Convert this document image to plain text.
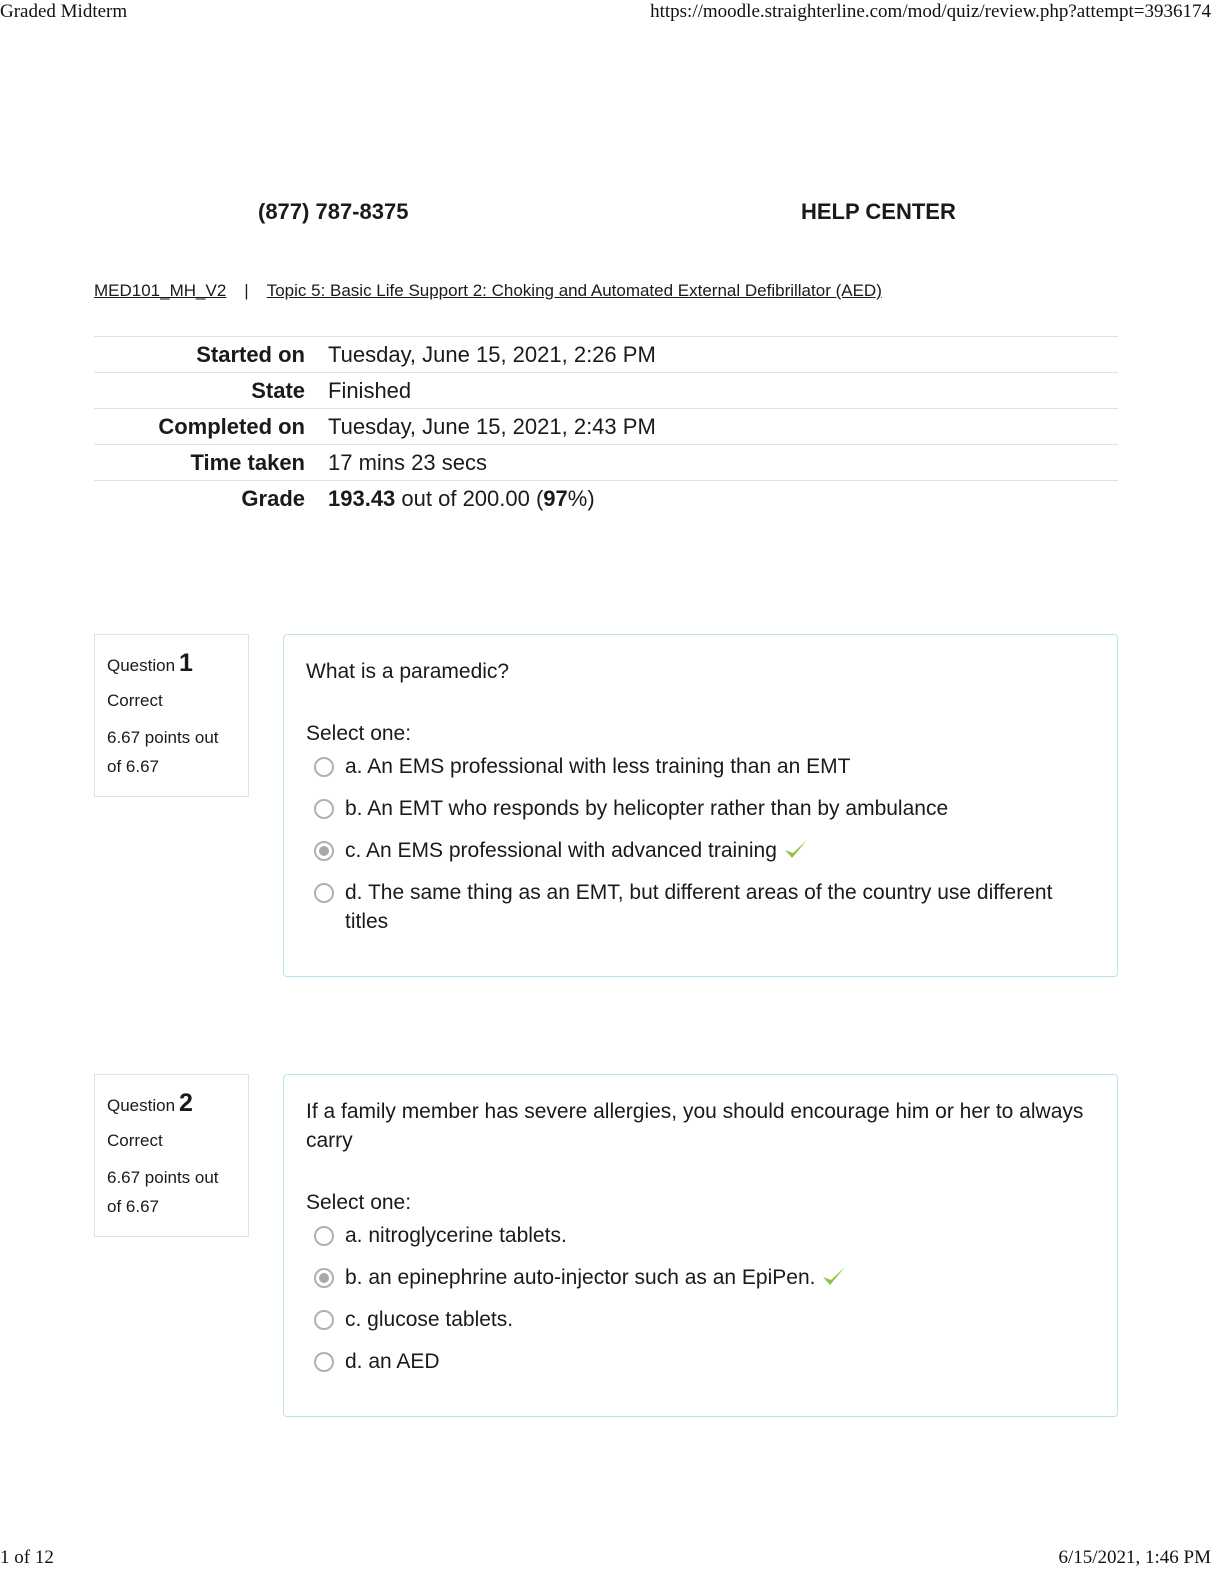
Graded Midterm	https://moodle.straighterline.com/mod/quiz/review.php?attempt=3936174
(877) 787-8375	HELP CENTER
MED101_MH_V2 | Topic 5: Basic Life Support 2: Choking and Automated External Defibrillator (AED)
Started on	Tuesday, June 15, 2021, 2:26 PM
State	Finished
Completed on	Tuesday, June 15, 2021, 2:43 PM
Time taken	17 mins 23 secs
Grade	193.43 out of 200.00 (97%)
Question 1
Correct
6.67 points out of 6.67
What is a paramedic?
Select one:
a. An EMS professional with less training than an EMT
b. An EMT who responds by helicopter rather than by ambulance
c. An EMS professional with advanced training
d. The same thing as an EMT, but different areas of the country use different titles
Question 2
Correct
6.67 points out of 6.67
If a family member has severe allergies, you should encourage him or her to always carry
Select one:
a. nitroglycerine tablets.
b. an epinephrine auto-injector such as an EpiPen.
c. glucose tablets.
d. an AED
1 of 12	6/15/2021, 1:46 PM
